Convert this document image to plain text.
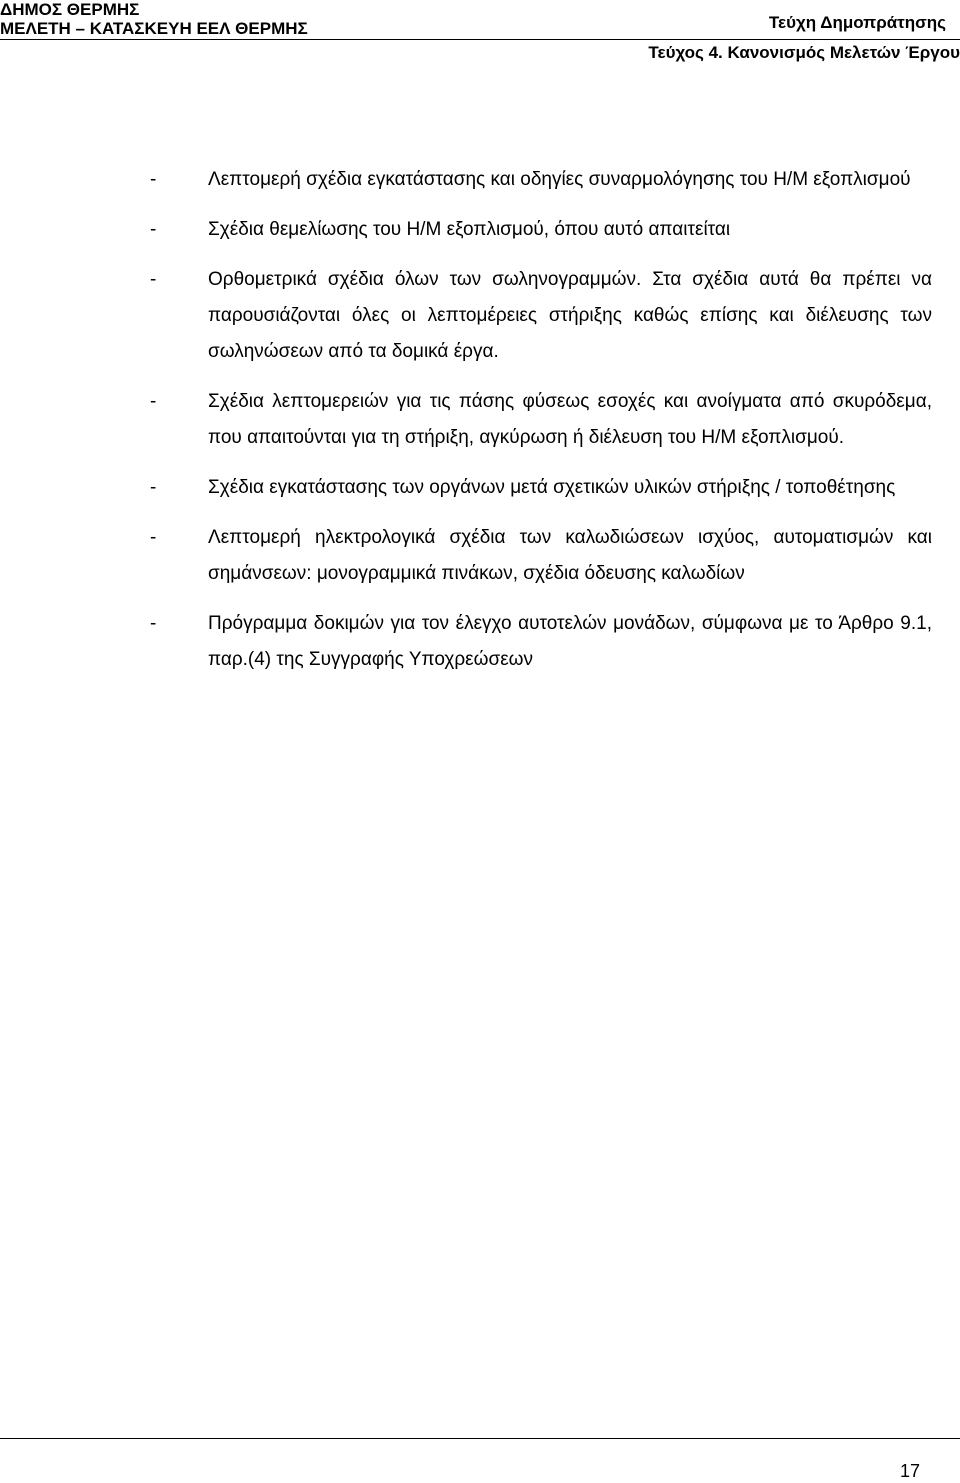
ΔΗΜΟΣ ΘΕΡΜΗΣ
ΜΕΛΕΤΗ – ΚΑΤΑΣΚΕΥΗ ΕΕΛ ΘΕΡΜΗΣ	Τεύχη Δημοπράτησης
Τεύχος 4. Κανονισμός Μελετών Έργου
-	Λεπτομερή σχέδια εγκατάστασης και οδηγίες συναρμολόγησης του Η/Μ εξοπλισμού
-	Σχέδια θεμελίωσης του Η/Μ εξοπλισμού, όπου αυτό απαιτείται
-	Ορθομετρικά σχέδια όλων των σωληνογραμμών. Στα σχέδια αυτά θα πρέπει να παρουσιάζονται όλες οι λεπτομέρειες στήριξης καθώς επίσης και διέλευσης των σωληνώσεων από τα δομικά έργα.
-	Σχέδια λεπτομερειών για τις πάσης φύσεως εσοχές και ανοίγματα από σκυρόδεμα, που απαιτούνται για τη στήριξη, αγκύρωση ή διέλευση του Η/Μ εξοπλισμού.
-	Σχέδια εγκατάστασης των οργάνων μετά σχετικών υλικών στήριξης / τοποθέτησης
-	Λεπτομερή ηλεκτρολογικά σχέδια των καλωδιώσεων ισχύος, αυτοματισμών και σημάνσεων: μονογραμμικά πινάκων, σχέδια όδευσης καλωδίων
-	Πρόγραμμα δοκιμών για τον έλεγχο αυτοτελών μονάδων, σύμφωνα με το Άρθρο 9.1, παρ.(4) της Συγγραφής Υποχρεώσεων
17
